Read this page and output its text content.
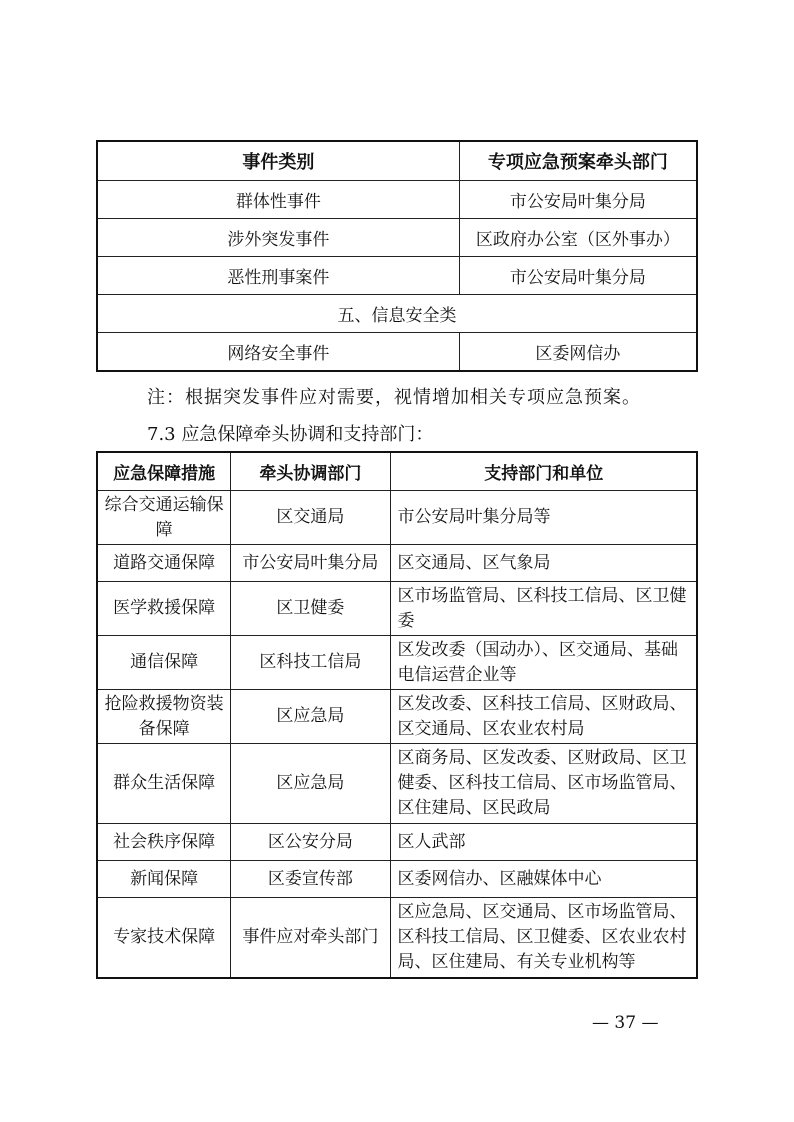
事件类别	专项应急预案牵头部门
群体性事件	市公安局叶集分局
涉外突发事件	区政府办公室（区外事办）
恶性刑事案件	市公安局叶集分局
五、信息安全类	
网络安全事件	区委网信办
注：根据突发事件应对需要，视情增加相关专项应急预案。
7.3 应急保障牵头协调和支持部门：
应急保障措施	牵头协调部门	支持部门和单位
综合交通运输保障	区交通局	市公安局叶集分局等
道路交通保障	市公安局叶集分局	区交通局、区气象局
医学救援保障	区卫健委	区市场监管局、区科技工信局、区卫健委
通信保障	区科技工信局	区发改委（国动办）、区交通局、基础电信运营企业等
抢险救援物资装备保障	区应急局	区发改委、区科技工信局、区财政局、区交通局、区农业农村局
群众生活保障	区应急局	区商务局、区发改委、区财政局、区卫健委、区科技工信局、区市场监管局、区住建局、区民政局
社会秩序保障	区公安分局	区人武部
新闻保障	区委宣传部	区委网信办、区融媒体中心
专家技术保障	事件应对牵头部门	区应急局、区交通局、区市场监管局、区科技工信局、区卫健委、区农业农村局、区住建局、有关专业机构等
— 37 —
